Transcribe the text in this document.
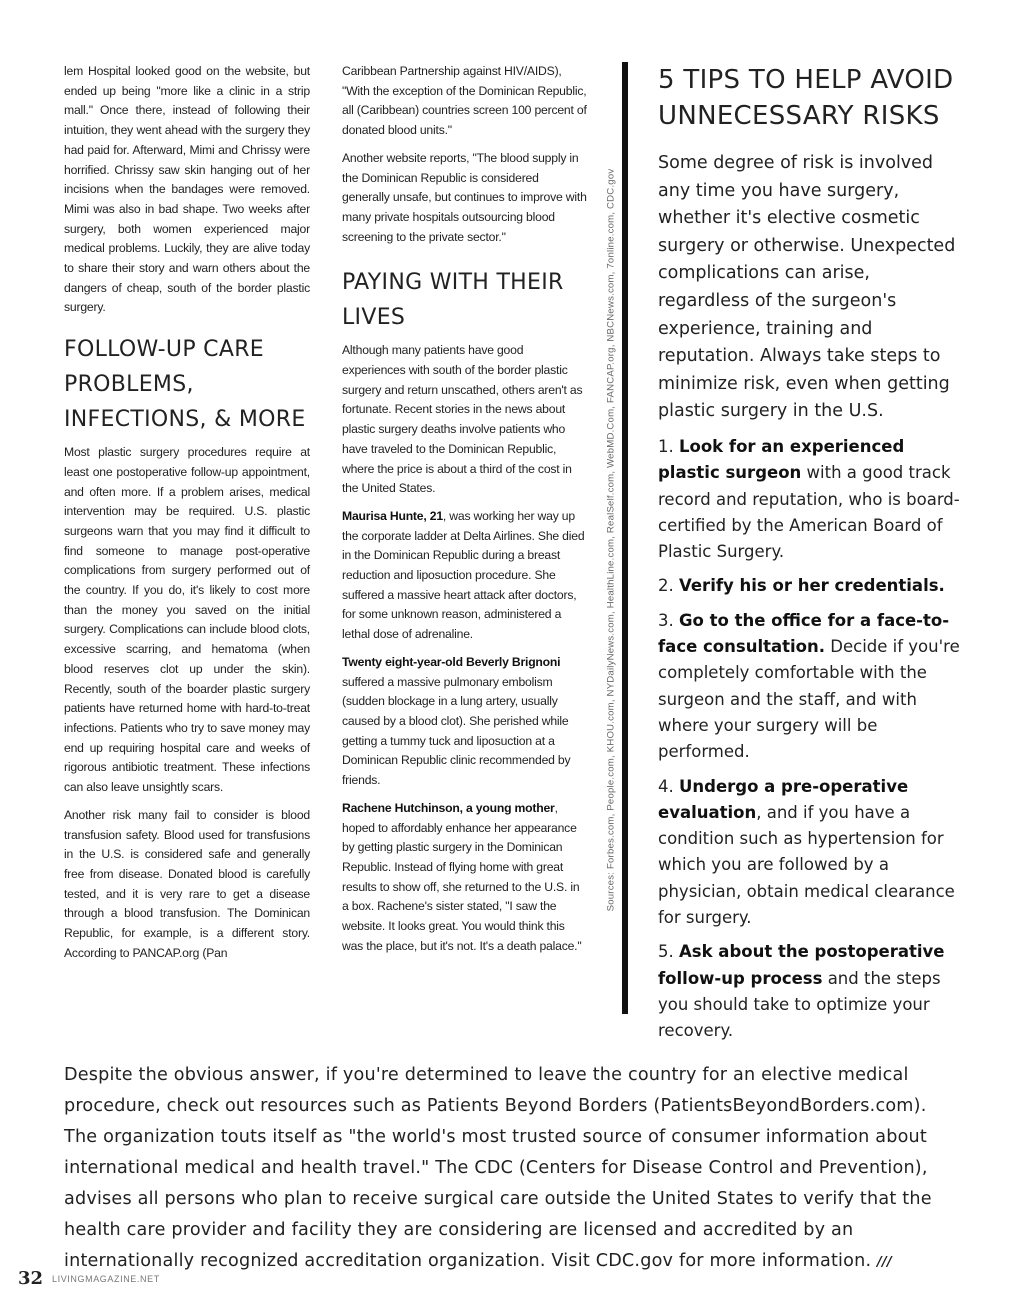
lem Hospital looked good on the website, but ended up being "more like a clinic in a strip mall." Once there, instead of following their intuition, they went ahead with the surgery they had paid for. Afterward, Mimi and Chrissy were horrified. Chrissy saw skin hanging out of her incisions when the bandages were removed. Mimi was also in bad shape. Two weeks after surgery, both women experienced major medical problems. Luckily, they are alive today to share their story and warn others about the dangers of cheap, south of the border plastic surgery.

FOLLOW-UP CARE PROBLEMS, INFECTIONS, & MORE

Most plastic surgery procedures require at least one postoperative follow-up appointment, and often more. If a problem arises, medical intervention may be required. U.S. plastic surgeons warn that you may find it difficult to find someone to manage post-operative complications from surgery performed out of the country. If you do, it's likely to cost more than the money you saved on the initial surgery. Complications can include blood clots, excessive scarring, and hematoma (when blood reserves clot up under the skin). Recently, south of the boarder plastic surgery patients have returned home with hard-to-treat infections. Patients who try to save money may end up requiring hospital care and weeks of rigorous antibiotic treatment. These infections can also leave unsightly scars.

Another risk many fail to consider is blood transfusion safety. Blood used for transfusions in the U.S. is considered safe and generally free from disease. Donated blood is carefully tested, and it is very rare to get a disease through a blood transfusion. The Dominican Republic, for example, is a different story. According to PANCAP.org (Pan

Caribbean Partnership against HIV/AIDS), "With the exception of the Dominican Republic, all (Caribbean) countries screen 100 percent of donated blood units."

Another website reports, "The blood supply in the Dominican Republic is considered generally unsafe, but continues to improve with many private hospitals outsourcing blood screening to the private sector."

PAYING WITH THEIR LIVES

Although many patients have good experiences with south of the border plastic surgery and return unscathed, others aren't as fortunate. Recent stories in the news about plastic surgery deaths involve patients who have traveled to the Dominican Republic, where the price is about a third of the cost in the United States.

Maurisa Hunte, 21, was working her way up the corporate ladder at Delta Airlines. She died in the Dominican Republic during a breast reduction and liposuction procedure. She suffered a massive heart attack after doctors, for some unknown reason, administered a lethal dose of adrenaline.

Twenty eight-year-old Beverly Brignoni suffered a massive pulmonary embolism (sudden blockage in a lung artery, usually caused by a blood clot). She perished while getting a tummy tuck and liposuction at a Dominican Republic clinic recommended by friends.

Rachene Hutchinson, a young mother, hoped to affordably enhance her appearance by getting plastic surgery in the Dominican Republic. Instead of flying home with great results to show off, she returned to the U.S. in a box. Rachene's sister stated, "I saw the website. It looks great. You would think this was the place, but it's not. It's a death palace."

Sources: Forbes.com, People.com, KHOU.com, NYDailyNews.com, HealthLine.com, RealSelf.com, WebMD.Com, FANCAP.org, NBCNews.com, 7online.com, CDC.gov
5 TIPS TO HELP AVOID UNNECESSARY RISKS

Some degree of risk is involved any time you have surgery, whether it's elective cosmetic surgery or otherwise. Unexpected complications can arise, regardless of the surgeon's experience, training and reputation. Always take steps to minimize risk, even when getting plastic surgery in the U.S.

1. Look for an experienced plastic surgeon with a good track record and reputation, who is board-certified by the American Board of Plastic Surgery.

2. Verify his or her credentials.

3. Go to the office for a face-to-face consultation. Decide if you're completely comfortable with the surgeon and the staff, and with where your surgery will be performed.

4. Undergo a pre-operative evaluation, and if you have a condition such as hypertension for which you are followed by a physician, obtain medical clearance for surgery.

5. Ask about the postoperative follow-up process and the steps you should take to optimize your recovery.

Despite the obvious answer, if you're determined to leave the country for an elective medical procedure, check out resources such as Patients Beyond Borders (PatientsBeyondBorders.com). The organization touts itself as "the world's most trusted source of consumer information about international medical and health travel." The CDC (Centers for Disease Control and Prevention), advises all persons who plan to receive surgical care outside the United States to verify that the health care provider and facility they are considering are licensed and accredited by an internationally recognized accreditation organization. Visit CDC.gov for more information. ///

32 LIVINGMAGAZINE.NET
